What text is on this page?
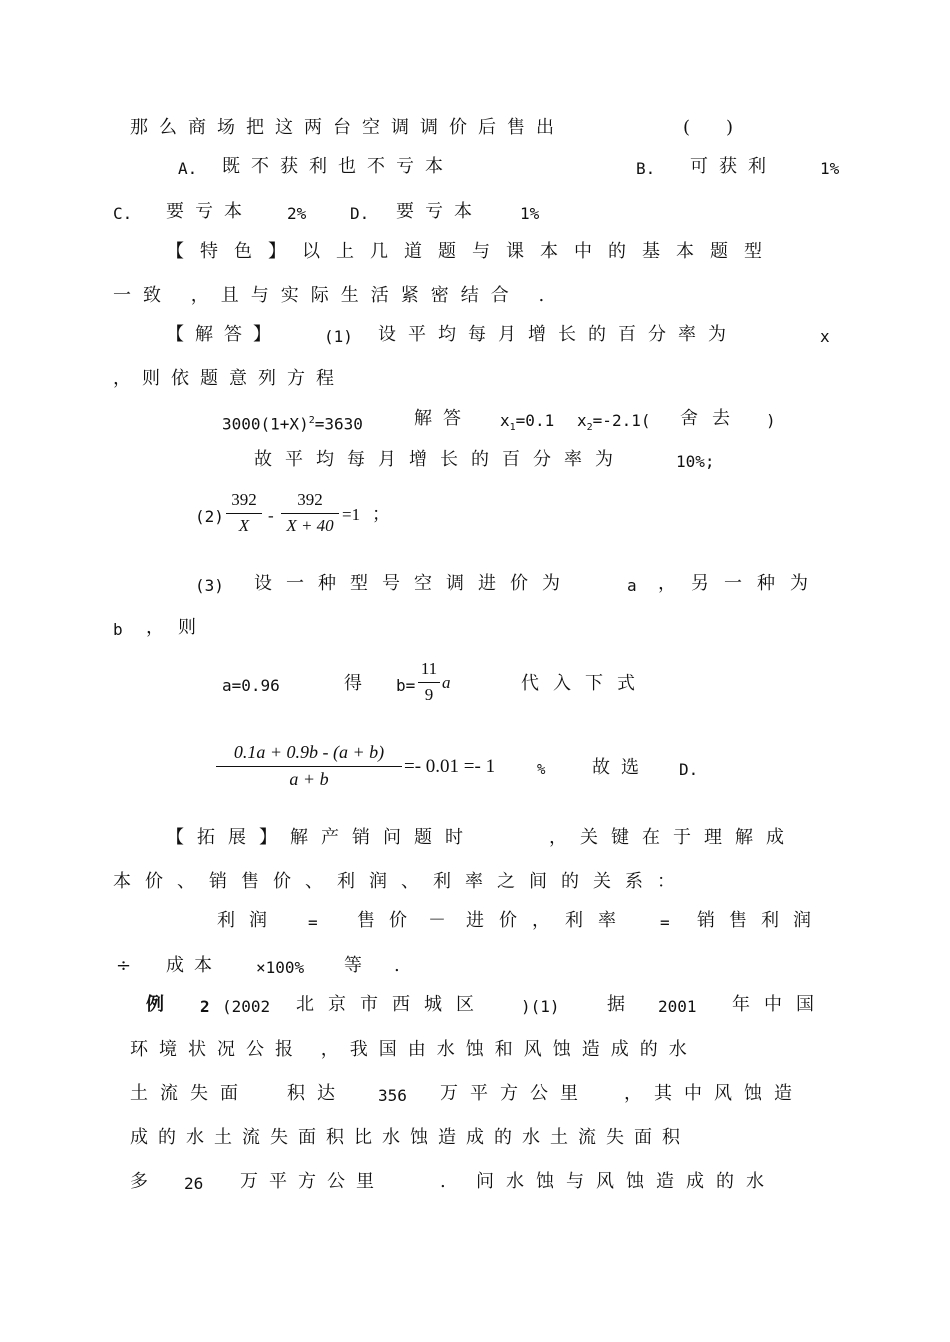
那么商场把这两台空调调价后售出	(　　)
A. 既不获利也不亏本	B. 可获利	1%
C. 要亏本 2%	D. 要亏本 1%
【特色】以上几道题与课本中的基本题型
一致 ，且与实际生活紧密结合 .
【解答】	(1) 设平均每月增长的百分率为	x
，则依题意列方程
$3000(1+X)^2=3630$	解答 $x_1=0.1$ $x_2=-2.1$( 舍去 )
故平均每月增长的百分率为	10%;
(2)
392
X
-
392
X + 40
=1 ；
(3) 设一种型号空调进价为	a ，另一种为
b ，则
a=0.96	得 b=
11
9
a	代入下式
0.1a + 0.9b - (a + b)
a + b
=- 0.01 =- 1	%	故选 D.
【拓展】解产销问题时	，关键在于理解成
本价、销售价、利润、利率之间的关系：
利润 = 售价 － 进价，利率 = 销售利润
÷ 成本 ×100% 等 .
例 2 (2002 北京市西城区 )(1)	据 2001 年中国
环境状况公报 ，我国由水蚀和风蚀造成的水
土流失面 积达 356 万平方公里 ，其中风蚀造
成的水土流失面积比水蚀造成的水土流失面积
多 26 万平方公里	. 问水蚀与风蚀造成的水
